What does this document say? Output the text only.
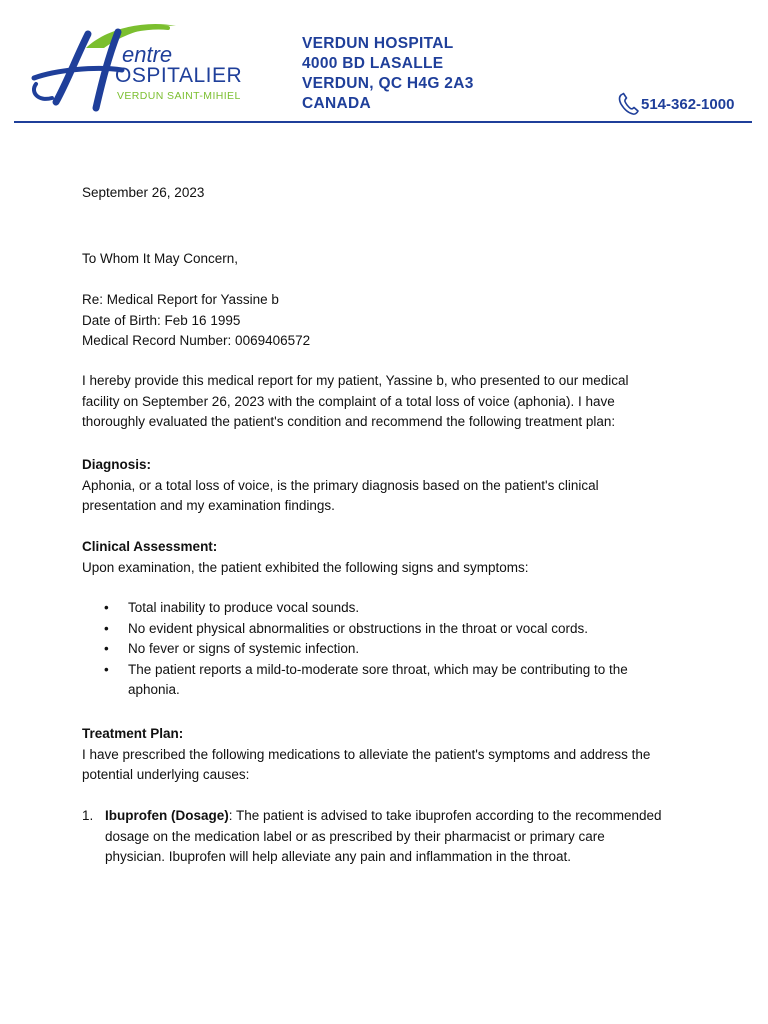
entre
OSPITALIER
VERDUN SAINT-MIHIEL
VERDUN HOSPITAL
4000 BD LASALLE
VERDUN, QC H4G 2A3
CANADA	514-362-1000
September 26, 2023
To Whom It May Concern,
Re: Medical Report for Yassine b
Date of Birth: Feb 16 1995
Medical Record Number: 0069406572
I hereby provide this medical report for my patient, Yassine b, who presented to our medical
facility on September 26, 2023 with the complaint of a total loss of voice (aphonia). I have
thoroughly evaluated the patient's condition and recommend the following treatment plan:
Diagnosis:
Aphonia, or a total loss of voice, is the primary diagnosis based on the patient's clinical
presentation and my examination findings.
Clinical Assessment:
Upon examination, the patient exhibited the following signs and symptoms:
• Total inability to produce vocal sounds.
• No evident physical abnormalities or obstructions in the throat or vocal cords.
• No fever or signs of systemic infection.
• The patient reports a mild-to-moderate sore throat, which may be contributing to the
aphonia.
Treatment Plan:
I have prescribed the following medications to alleviate the patient's symptoms and address the
potential underlying causes:
1. Ibuprofen (Dosage): The patient is advised to take ibuprofen according to the recommended
dosage on the medication label or as prescribed by their pharmacist or primary care
physician. Ibuprofen will help alleviate any pain and inflammation in the throat.
